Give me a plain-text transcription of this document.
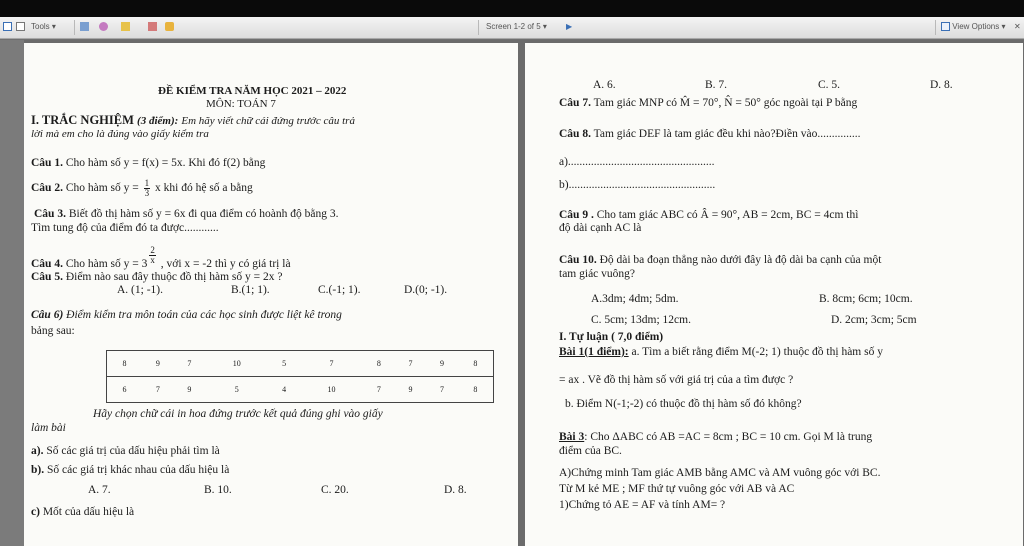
Tools ▾	Screen 1-2 of 5 ▾ ▶	View Options ▾ ✕
ĐỀ KIỂM TRA NĂM HỌC 2021 – 2022
MÔN: TOÁN 7
I. TRẮC NGHIỆM (3 điểm): Em hãy viết chữ cái đứng trước câu trả
lời mà em cho là đúng vào giấy kiểm tra
Câu 1. Cho hàm số y = f(x) = 5x. Khi đó f(2) bằng
Câu 2. Cho hàm số $y = \frac{1}{3}$ x khi đó hệ số a bằng
Câu 3. Biết đồ thị hàm số y = 6x đi qua điểm có hoành độ bằng 3.
Tìm tung độ của điểm đó ta được............
Câu 4. Cho hàm số $y = 3 \frac{2}{x}$ , với x = -2 thì y có giá trị là
Câu 5. Điểm nào sau đây thuộc đồ thị hàm số y = 2x ?
A. (1; -1).	B.(1; 1).	C.(-1; 1).	D.(0; -1).
Câu 6) Điểm kiểm tra môn toán của các học sinh được liệt kê trong
bảng sau:
8	9	7	10	5	7	8	7	9	8
6	7	9	5	4	10	7	9	7	8
Hãy chọn chữ cái in hoa đứng trước kết quả đúng ghi vào giấy
làm bài
a). Số các giá trị của dấu hiệu phải tìm là
b). Số các giá trị khác nhau của dấu hiệu là
A. 7.	B. 10.	C. 20.	D. 8.
c) Mốt của dấu hiệu là
A. 6.	B. 7.	C. 5.	D. 8.
Câu 7. Tam giác MNP có M̂ = 70°, N̂ = 50° góc ngoài tại P bằng
Câu 8. Tam giác DEF là tam giác đều khi nào?Điền vào...............
a)...................................................
b)...................................................
Câu 9 . Cho tam giác ABC có Â = 90°, AB = 2cm, BC = 4cm thì
độ dài cạnh AC là
Câu 10. Độ dài ba đoạn thẳng nào dưới đây là độ dài ba cạnh của một
tam giác vuông?
A.3dm; 4dm; 5dm.	B. 8cm; 6cm; 10cm.
C. 5cm; 13dm; 12cm.	D. 2cm; 3cm; 5cm
I. Tự luận ( 7,0 điểm)
Bài 1(1 điểm): a. Tìm a biết rằng điểm M(-2; 1) thuộc đồ thị hàm số y
= ax . Vẽ đồ thị hàm số với giá trị của a tìm được ?
b. Điểm N(-1;-2) có thuộc đồ thị hàm số đó không?
Bài 3: Cho ΔABC có AB =AC = 8cm ; BC = 10 cm. Gọi M là trung
điểm của BC.
A)Chứng minh Tam giác AMB bằng AMC và AM vuông góc với BC.
Từ M kẻ ME ; MF thứ tự vuông góc với AB và AC
1)Chứng tỏ AE = AF và tính AM= ?
